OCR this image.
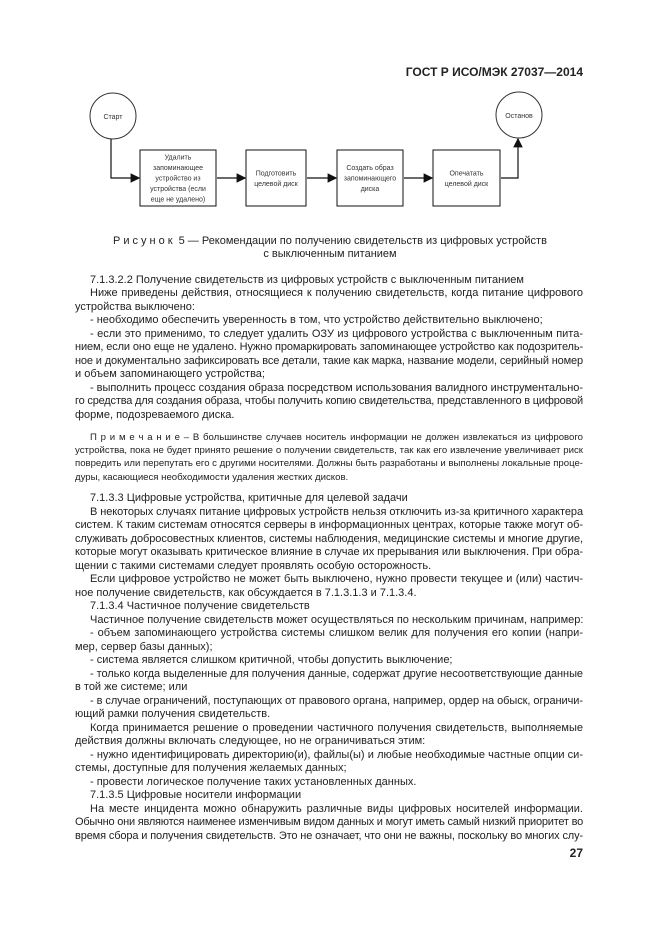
ГОСТ Р ИСО/МЭК 27037—2014
Старт	Останов
Удалить
запоминающее
устройство из
устройства (если
еще не удалено)
Подготовить
целевой диск
Создать образ
запоминающего
диска
Опечатать
целевой диск
Рисунок 5 — Рекомендации по получению свидетельств из цифровых устройств
с выключенным питанием
7.1.3.2.2 Получение свидетельств из цифровых устройств с выключенным питанием
Ниже приведены действия, относящиеся к получению свидетельств, когда питание цифрового
устройства выключено:
- необходимо обеспечить уверенность в том, что устройство действительно выключено;
- если это применимо, то следует удалить ОЗУ из цифрового устройства с выключенным пита-
нием, если оно еще не удалено. Нужно промаркировать запоминающее устройство как подозритель-
ное и документально зафиксировать все детали, такие как марка, название модели, серийный номер
и объем запоминающего устройства;
- выполнить процесс создания образа посредством использования валидного инструментально-
го средства для создания образа, чтобы получить копию свидетельства, представленного в цифровой
форме, подозреваемого диска.
П р и м е ч а н и е – В большинстве случаев носитель информации не должен извлекаться из цифрового
устройства, пока не будет принято решение о получении свидетельств, так как его извлечение увеличивает риск
повредить или перепутать его с другими носителями. Должны быть разработаны и выполнены локальные проце-
дуры, касающиеся необходимости удаления жестких дисков.
7.1.3.3 Цифровые устройства, критичные для целевой задачи
В некоторых случаях питание цифровых устройств нельзя отключить из-за критичного характера
систем. К таким системам относятся серверы в информационных центрах, которые также могут об-
служивать добросовестных клиентов, системы наблюдения, медицинские системы и многие другие,
которые могут оказывать критическое влияние в случае их прерывания или выключения. При обра-
щении с такими системами следует проявлять особую осторожность.
Если цифровое устройство не может быть выключено, нужно провести текущее и (или) частич-
ное получение свидетельств, как обсуждается в 7.1.3.1.3 и 7.1.3.4.
7.1.3.4 Частичное получение свидетельств
Частичное получение свидетельств может осуществляться по нескольким причинам, например:
- объем запоминающего устройства системы слишком велик для получения его копии (напри-
мер, сервер базы данных);
- система является слишком критичной, чтобы допустить выключение;
- только когда выделенные для получения данные, содержат другие несоответствующие данные
в той же системе; или
- в случае ограничений, поступающих от правового органа, например, ордер на обыск, ограничи-
ющий рамки получения свидетельств.
Когда принимается решение о проведении частичного получения свидетельств, выполняемые
действия должны включать следующее, но не ограничиваться этим:
- нужно идентифицировать директорию(и), файлы(ы) и любые необходимые частные опции си-
стемы, доступные для получения желаемых данных;
- провести логическое получение таких установленных данных.
7.1.3.5 Цифровые носители информации
На месте инцидента можно обнаружить различные виды цифровых носителей информации.
Обычно они являются наименее изменчивым видом данных и могут иметь самый низкий приоритет во
время сбора и получения свидетельств. Это не означает, что они не важны, поскольку во многих слу-
27
